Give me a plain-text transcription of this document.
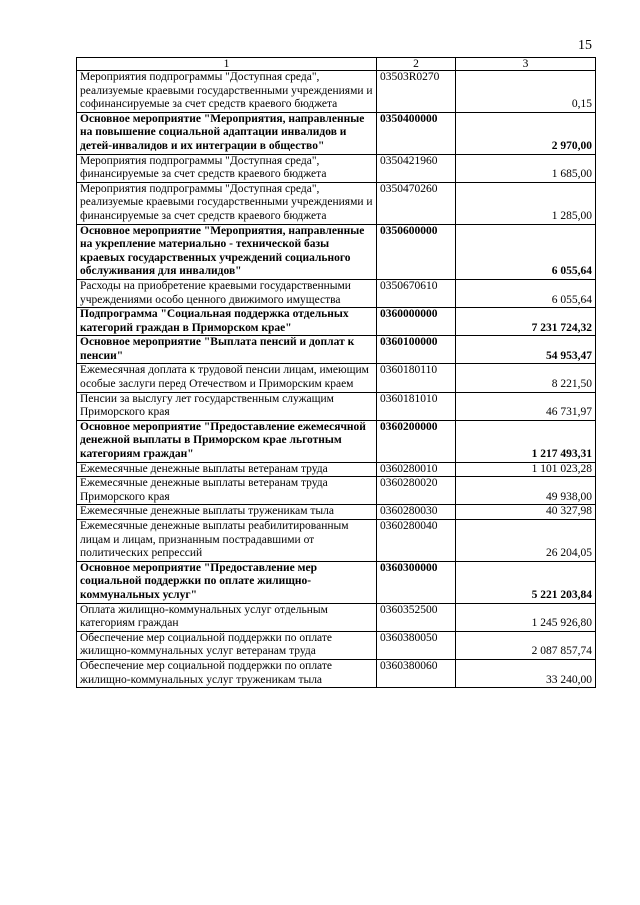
15
1	2	3
Мероприятия подпрограммы "Доступная среда", реализуемые краевыми государственными учреждениями и софинансируемые за счет средств краевого бюджета	03503R0270	0,15
Основное мероприятие "Мероприятия, направленные на повышение социальной адаптации инвалидов и детей-инвалидов и их интеграции в общество"	0350400000	2 970,00
Мероприятия подпрограммы "Доступная среда", финансируемые за счет средств краевого бюджета	0350421960	1 685,00
Мероприятия подпрограммы "Доступная среда", реализуемые краевыми государственными учреждениями и финансируемые за счет средств краевого бюджета	0350470260	1 285,00
Основное мероприятие "Мероприятия, направленные на укрепление материально - технической базы краевых государственных учреждений социального обслуживания для инвалидов"	0350600000	6 055,64
Расходы на приобретение краевыми государственными учреждениями особо ценного движимого имущества	0350670610	6 055,64
Подпрограмма "Социальная поддержка отдельных категорий граждан в Приморском крае"	0360000000	7 231 724,32
Основное мероприятие "Выплата пенсий и доплат к пенсии"	0360100000	54 953,47
Ежемесячная доплата к трудовой пенсии лицам, имеющим особые заслуги перед Отечеством и Приморским краем	0360180110	8 221,50
Пенсии за выслугу лет государственным служащим Приморского края	0360181010	46 731,97
Основное мероприятие "Предоставление ежемесячной денежной выплаты в Приморском крае льготным категориям граждан"	0360200000	1 217 493,31
Ежемесячные денежные выплаты ветеранам труда	0360280010	1 101 023,28
Ежемесячные денежные выплаты ветеранам труда Приморского края	0360280020	49 938,00
Ежемесячные денежные выплаты труженикам тыла	0360280030	40 327,98
Ежемесячные денежные выплаты реабилитированным лицам и лицам, признанным пострадавшими от политических репрессий	0360280040	26 204,05
Основное мероприятие "Предоставление мер социальной поддержки по оплате жилищно-коммунальных услуг"	0360300000	5 221 203,84
Оплата жилищно-коммунальных услуг отдельным категориям граждан	0360352500	1 245 926,80
Обеспечение мер социальной поддержки по оплате жилищно-коммунальных услуг ветеранам труда	0360380050	2 087 857,74
Обеспечение мер социальной поддержки по оплате жилищно-коммунальных услуг труженикам тыла	0360380060	33 240,00
